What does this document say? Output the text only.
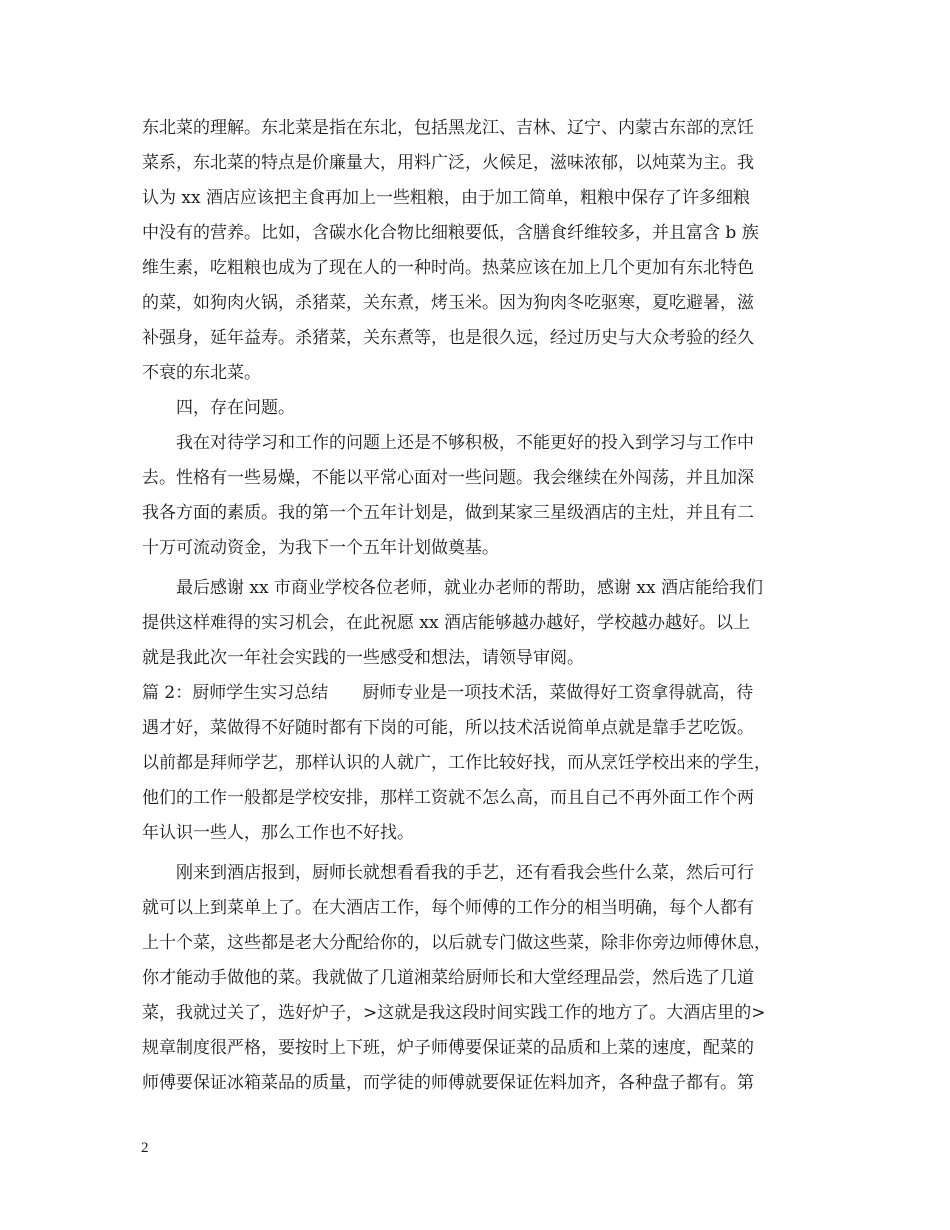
东北菜的理解。东北菜是指在东北，包括黑龙江、吉林、辽宁、内蒙古东部的烹饪
菜系，东北菜的特点是价廉量大，用料广泛，火候足，滋味浓郁，以炖菜为主。我
认为 xx 酒店应该把主食再加上一些粗粮，由于加工简单，粗粮中保存了许多细粮
中没有的营养。比如，含碳水化合物比细粮要低，含膳食纤维较多，并且富含 b 族
维生素，吃粗粮也成为了现在人的一种时尚。热菜应该在加上几个更加有东北特色
的菜，如狗肉火锅，杀猪菜，关东煮，烤玉米。因为狗肉冬吃驱寒，夏吃避暑，滋
补强身，延年益寿。杀猪菜，关东煮等，也是很久远，经过历史与大众考验的经久
不衰的东北菜。
　　四，存在问题。
　　我在对待学习和工作的问题上还是不够积极，不能更好的投入到学习与工作中
去。性格有一些易燥，不能以平常心面对一些问题。我会继续在外闯荡，并且加深
我各方面的素质。我的第一个五年计划是，做到某家三星级酒店的主灶，并且有二
十万可流动资金，为我下一个五年计划做奠基。
　　最后感谢 xx 市商业学校各位老师，就业办老师的帮助，感谢 xx 酒店能给我们
提供这样难得的实习机会，在此祝愿 xx 酒店能够越办越好，学校越办越好。以上
就是我此次一年社会实践的一些感受和想法，请领导审阅。
篇 2：厨师学生实习总结　　厨师专业是一项技术活，菜做得好工资拿得就高，待
遇才好，菜做得不好随时都有下岗的可能，所以技术活说简单点就是靠手艺吃饭。
以前都是拜师学艺，那样认识的人就广，工作比较好找，而从烹饪学校出来的学生，
他们的工作一般都是学校安排，那样工资就不怎么高，而且自己不再外面工作个两
年认识一些人，那么工作也不好找。
　　刚来到酒店报到，厨师长就想看看我的手艺，还有看我会些什么菜，然后可行
就可以上到菜单上了。在大酒店工作，每个师傅的工作分的相当明确，每个人都有
上十个菜，这些都是老大分配给你的，以后就专门做这些菜，除非你旁边师傅休息，
你才能动手做他的菜。我就做了几道湘菜给厨师长和大堂经理品尝，然后选了几道
菜，我就过关了，选好炉子，>这就是我这段时间实践工作的地方了。大酒店里的>
规章制度很严格，要按时上下班，炉子师傅要保证菜的品质和上菜的速度，配菜的
师傅要保证冰箱菜品的质量，而学徒的师傅就要保证佐料加齐，各种盘子都有。第
2
